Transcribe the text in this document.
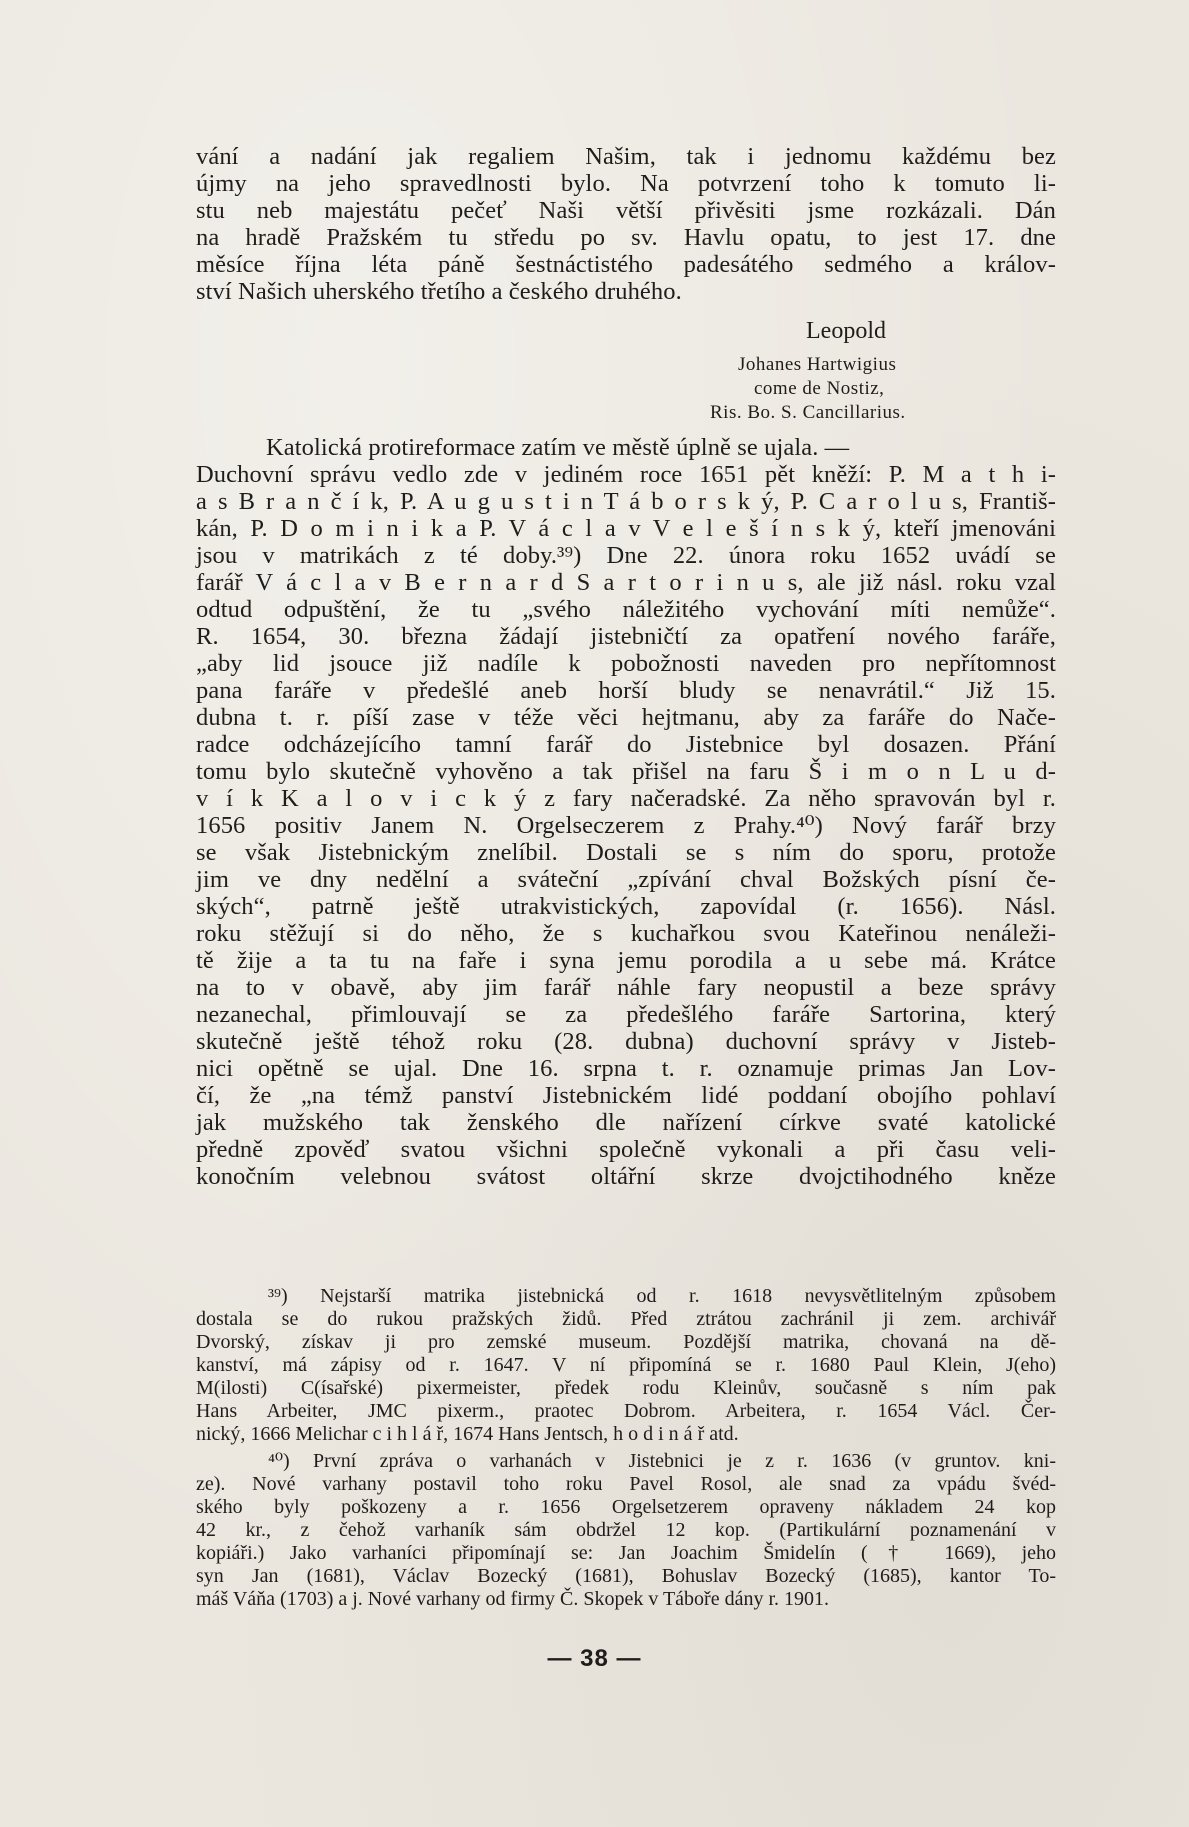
vání a nadání jak regaliem Našim, tak i jednomu každému bez
újmy na jeho spravedlnosti bylo. Na potvrzení toho k tomuto li-
stu neb majestátu pečeť Naši větší přivěsiti jsme rozkázali. Dán
na hradě Pražském tu středu po sv. Havlu opatu, to jest 17. dne
měsíce října léta páně šestnáctistého padesátého sedmého a králov-
ství Našich uherského třetího a českého druhého.
Leopold
Johanes Hartwigius
come de Nostiz,
Ris. Bo. S. Cancillarius.
Katolická protireformace zatím ve městě úplně se ujala. —
Duchovní správu vedlo zde v jediném roce 1651 pět kněží: P. M a t h i-
a s B r a n č í k, P. A u g u s t i n T á b o r s k ý, P. C a r o l u s, Františ-
kán, P. D o m i n i k a P. V á c l a v V e l e š í n s k ý, kteří jmenováni
jsou v matrikách z té doby.³⁹) Dne 22. února roku 1652 uvádí se
farář V á c l a v B e r n a r d S a r t o r i n u s, ale již násl. roku vzal
odtud odpuštění, že tu „svého náležitého vychování míti nemůže“.
R. 1654, 30. března žádají jistebničtí za opatření nového faráře,
„aby lid jsouce již nadíle k pobožnosti naveden pro nepřítomnost
pana faráře v předešlé aneb horší bludy se nenavrátil.“ Již 15.
dubna t. r. píší zase v téže věci hejtmanu, aby za faráře do Nače-
radce odcházejícího tamní farář do Jistebnice byl dosazen. Přání
tomu bylo skutečně vyhověno a tak přišel na faru Š i m o n L u d-
v í k K a l o v i c k ý z fary načeradské. Za něho spravován byl r.
1656 positiv Janem N. Orgelseczerem z Prahy.⁴⁰) Nový farář brzy
se však Jistebnickým znelíbil. Dostali se s ním do sporu, protože
jim ve dny nedělní a sváteční „zpívání chval Božských písní če-
ských“, patrně ještě utrakvistických, zapovídal (r. 1656). Násl.
roku stěžují si do něho, že s kuchařkou svou Kateřinou nenáleži-
tě žije a ta tu na faře i syna jemu porodila a u sebe má. Krátce
na to v obavě, aby jim farář náhle fary neopustil a beze správy
nezanechal, přimlouvají se za předešlého faráře Sartorina, který
skutečně ještě téhož roku (28. dubna) duchovní správy v Jisteb-
nici opětně se ujal. Dne 16. srpna t. r. oznamuje primas Jan Lov-
čí, že „na témž panství Jistebnickém lidé poddaní obojího pohlaví
jak mužského tak ženského dle nařízení církve svaté katolické
předně zpověď svatou všichni společně vykonali a při času veli-
konočním velebnou svátost oltářní skrze dvojctihodného kněze
³⁹) Nejstarší matrika jistebnická od r. 1618 nevysvětlitelným způsobem
dostala se do rukou pražských židů. Před ztrátou zachránil ji zem. archivář
Dvorský, získav ji pro zemské museum. Pozdější matrika, chovaná na dě-
kanství, má zápisy od r. 1647. V ní připomíná se r. 1680 Paul Klein, J(eho)
M(ilosti) C(ísařské) pixermeister, předek rodu Kleinův, současně s ním pak
Hans Arbeiter, JMC pixerm., praotec Dobrom. Arbeitera, r. 1654 Václ. Čer-
nický, 1666 Melichar c i h l á ř, 1674 Hans Jentsch, h o d i n á ř atd.
⁴⁰) První zpráva o varhanách v Jistebnici je z r. 1636 (v gruntov. kni-
ze). Nové varhany postavil toho roku Pavel Rosol, ale snad za vpádu švéd-
ského byly poškozeny a r. 1656 Orgelsetzerem opraveny nákladem 24 kop
42 kr., z čehož varhaník sám obdržel 12 kop. (Partikulární poznamenání v
kopiáři.) Jako varhaníci připomínají se: Jan Joachim Šmidelín († 1669), jeho
syn Jan (1681), Václav Bozecký (1681), Bohuslav Bozecký (1685), kantor To-
máš Váňa (1703) a j. Nové varhany od firmy Č. Skopek v Táboře dány r. 1901.
— 38 —
